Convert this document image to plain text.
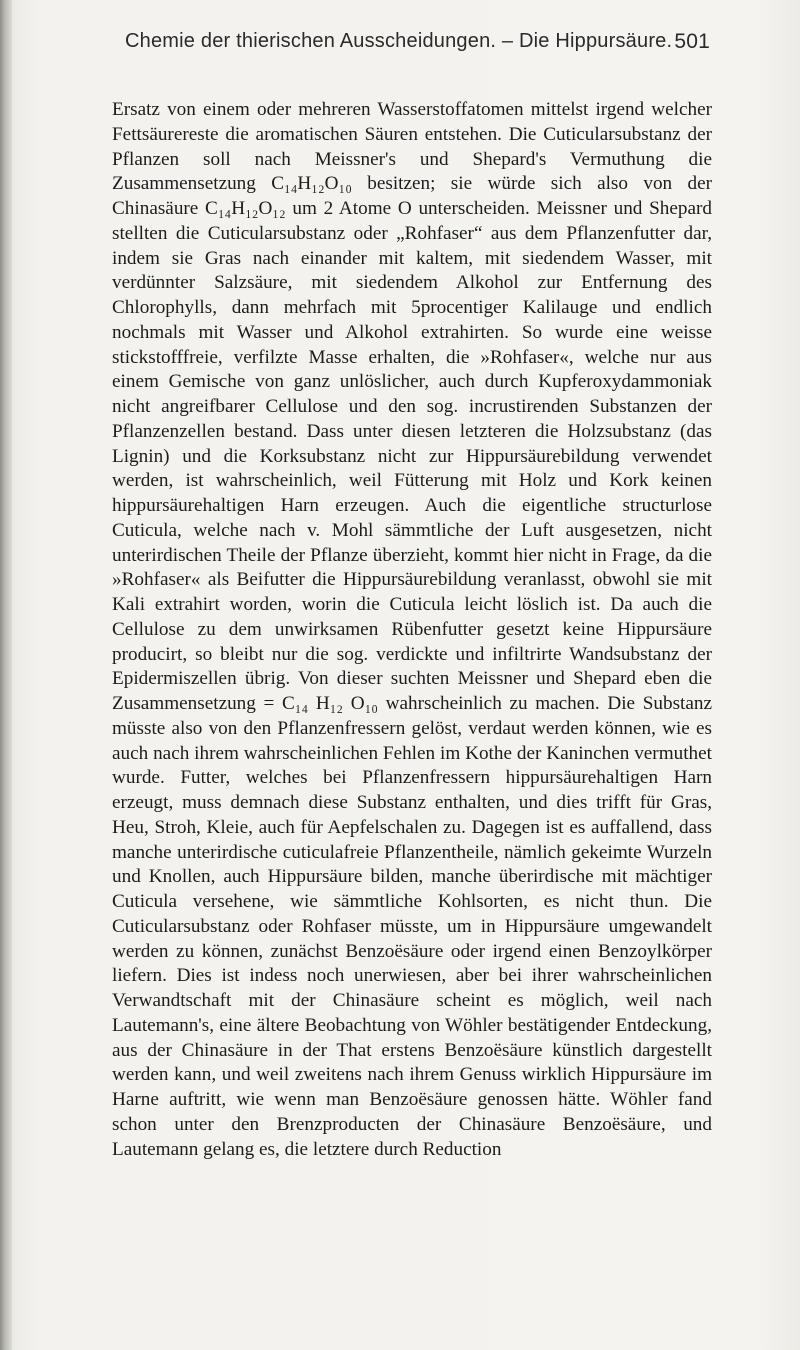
Chemie der thierischen Ausscheidungen. – Die Hippursäure. 501

Ersatz von einem oder mehreren Wasserstoffatomen mittelst irgend welcher Fettsäurereste die aromatischen Säuren entstehen. Die Cuticularsubstanz der Pflanzen soll nach Meissner's und Shepard's Vermuthung die Zusammensetzung C₁₄H₁₂O₁₀ besitzen; sie würde sich also von der Chinasäure C₁₄H₁₂O₁₂ um 2 Atome O unterscheiden. Meissner und Shepard stellten die Cuticularsubstanz oder „Rohfaser“ aus dem Pflanzenfutter dar, indem sie Gras nach einander mit kaltem, mit siedendem Wasser, mit verdünnter Salzsäure, mit siedendem Alkohol zur Entfernung des Chlorophylls, dann mehrfach mit 5procentiger Kalilauge und endlich nochmals mit Wasser und Alkohol extrahirten. So wurde eine weisse stickstofffreie, verfilzte Masse erhalten, die »Rohfaser«, welche nur aus einem Gemische von ganz unlöslicher, auch durch Kupferoxydammoniak nicht angreifbarer Cellulose und den sog. incrustirenden Substanzen der Pflanzenzellen bestand. Dass unter diesen letzteren die Holzsubstanz (das Lignin) und die Korksubstanz nicht zur Hippursäurebildung verwendet werden, ist wahrscheinlich, weil Fütterung mit Holz und Kork keinen hippursäurehaltigen Harn erzeugen. Auch die eigentliche structurlose Cuticula, welche nach v. Mohl sämmtliche der Luft ausgesetzen, nicht unterirdischen Theile der Pflanze überzieht, kommt hier nicht in Frage, da die »Rohfaser« als Beifutter die Hippursäurebildung veranlasst, obwohl sie mit Kali extrahirt worden, worin die Cuticula leicht löslich ist. Da auch die Cellulose zu dem unwirksamen Rübenfutter gesetzt keine Hippursäure producirt, so bleibt nur die sog. verdickte und infiltrirte Wandsubstanz der Epidermiszellen übrig. Von dieser suchten Meissner und Shepard eben die Zusammensetzung = C₁₄ H₁₂ O₁₀ wahrscheinlich zu machen. Die Substanz müsste also von den Pflanzenfressern gelöst, verdaut werden können, wie es auch nach ihrem wahrscheinlichen Fehlen im Kothe der Kaninchen vermuthet wurde. Futter, welches bei Pflanzenfressern hippursäurehaltigen Harn erzeugt, muss demnach diese Substanz enthalten, und dies trifft für Gras, Heu, Stroh, Kleie, auch für Aepfelschalen zu. Dagegen ist es auffallend, dass manche unterirdische cuticulafreie Pflanzentheile, nämlich gekeimte Wurzeln und Knollen, auch Hippursäure bilden, manche überirdische mit mächtiger Cuticula versehene, wie sämmtliche Kohlsorten, es nicht thun. Die Cuticularsubstanz oder Rohfaser müsste, um in Hippursäure umgewandelt werden zu können, zunächst Benzoësäure oder irgend einen Benzoylkörper liefern. Dies ist indess noch unerwiesen, aber bei ihrer wahrscheinlichen Verwandtschaft mit der Chinasäure scheint es möglich, weil nach Lautemann's, eine ältere Beobachtung von Wöhler bestätigender Entdeckung, aus der Chinasäure in der That erstens Benzoësäure künstlich dargestellt werden kann, und weil zweitens nach ihrem Genuss wirklich Hippursäure im Harne auftritt, wie wenn man Benzoësäure genossen hätte. Wöhler fand schon unter den Brenzproducten der Chinasäure Benzoësäure, und Lautemann gelang es, die letztere durch Reduction
